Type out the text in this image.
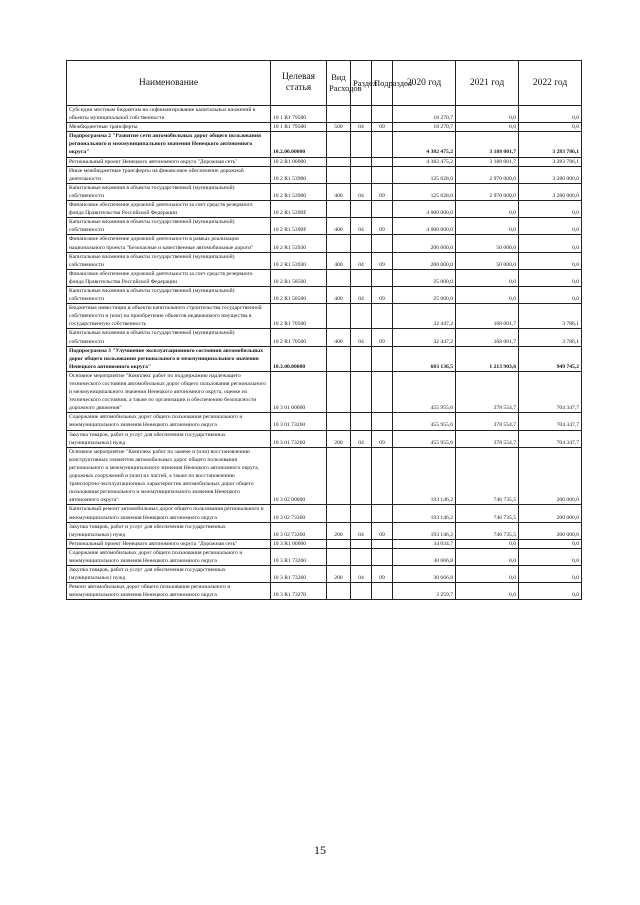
Наименование	Целевая статья	Вид Расходов	Раздел	Подраздел	2020 год	2021 год	2022 год
Субсидии местным бюджетам на софинансирование капитальных вложений в объекты муниципальной собственности	10 1 R1 79500				18 270,7	0,0	0,0
Межбюджетные трансферты	10 1 R1 79500	500	04	09	18 270,7	0,0	0,0
Подпрограмма 2 "Развитие сети автомобильных дорог общего пользования регионального и межмуниципального значения Ненецкого автономного округа"	10.2.00.00000				4 382 475,2	3 188 001,7	3 283 786,1
Региональный проект Ненецкого автономного округа "Дорожная сеть"	10 2 R1 00000				4 382 475,2	3 188 001,7	3 283 786,1
Иные межбюджетные трансферты на финансовое обеспечение дорожной деятельности	10 2 R1 53900				125 028,0	2 970 000,0	3 280 000,0
Капитальные вложения в объекты государственной (муниципальной) собственности	10 2 R1 53900	400	04	09	125 028,0	2 970 000,0	3 280 000,0
Финансовое обеспечение дорожной деятельности за счет средств резервного фонда Правительства Российской Федерации	10 2 R1 5390F				4 000 000,0	0,0	0,0
Капитальные вложения в объекты государственной (муниципальной) собственности	10 2 R1 5390F	400	04	09	4 000 000,0	0,0	0,0
Финансовое обеспечение дорожной деятельности в рамках реализации национального проекта "Безопасные и качественные автомобильные дороги"	10 2 R1 53930				200 000,0	50 000,0	0,0
Капитальные вложения в объекты государственной (муниципальной) собственности	10 2 R1 53930	400	04	09	200 000,0	50 000,0	0,0
Финансовое обеспечение дорожной деятельности за счет средств резервного фонда Правительства Российской Федерации	10 2 R1 58560				25 000,0	0,0	0,0
Капитальные вложения в объекты государственной (муниципальной) собственности	10 2 R1 58560	400	04	09	25 000,0	0,0	0,0
Бюджетные инвестиции в объекты капитального строительства государственной собственности и (или) на приобретение объектов недвижимого имущества в государственную собственность	10 2 R1 70500				32 447,2	168 001,7	3 786,1
Капитальные вложения в объекты государственной (муниципальной) собственности	10 2 R1 70500	400	04	09	32 447,2	168 001,7	3 786,1
Подпрограмма 3 "Улучшение эксплуатационного состояния автомобильных дорог общего пользования регионального и межмуниципального значения Ненецкого автономного округа"	10.3.00.00000				683 136,5	1 213 903,6	949 745,2
Основное мероприятие "Комплекс работ по поддержанию надлежащего технического состояния автомобильных дорог общего пользования регионального и межмуниципального значения Ненецкого автономного округа, оценке их технического состояния, а также по организации и обеспечению безопасности дорожного движения"	10 3 01 00000				455 955,6	378 554,7	704 347,7
Содержание автомобильных дорог общего пользования регионального и межмуниципального значения Ненецкого автономного округа	10 3 01 73260				455 955,6	378 554,7	704 347,7
Закупка товаров, работ и услуг для обеспечения государственных (муниципальных) нужд	10 3 01 73260	200	04	09	455 955,6	378 554,7	704 347,7
Основное мероприятие "Комплекс работ по замене и (или) восстановлению конструктивных элементов автомобильных дорог общего пользования регионального и межмуниципального значения Ненецкого автономного округа, дорожных сооружений и (или) их частей, а также по восстановлению транспортно-эксплуатационных характеристик автомобильных дорог общего пользования регионального и межмуниципального значения Ненецкого автономного округа"	10 3 02 00000				193 146,2	746 735,5	200 000,0
Капитальный ремонт автомобильных дорог общего пользования регионального и межмуниципального значения Ненецкого автономного округа	10 3 02 73360				193 146,2	746 735,5	200 000,0
Закупка товаров, работ и услуг для обеспечения государственных (муниципальных) нужд	10 3 02 73360	200	04	09	193 146,2	746 735,5	200 000,0
Региональный проект Ненецкого автономного округа "Дорожная сеть"	10 3 R1 00000				34 034,7	0,0	0,0
Содержание автомобильных дорог общего пользования регионального и межмуниципального значения Ненецкого автономного округа	10 3 R1 73260				30 666,8	0,0	0,0
Закупка товаров, работ и услуг для обеспечения государственных (муниципальных) нужд	10 3 R1 73260	200	04	09	30 666,8	0,0	0,0
Ремонт автомобильных дорог общего пользования регионального и межмуниципального значения Ненецкого автономного округа	10 3 R1 73270				3 259,7	0,0	0,0
15
